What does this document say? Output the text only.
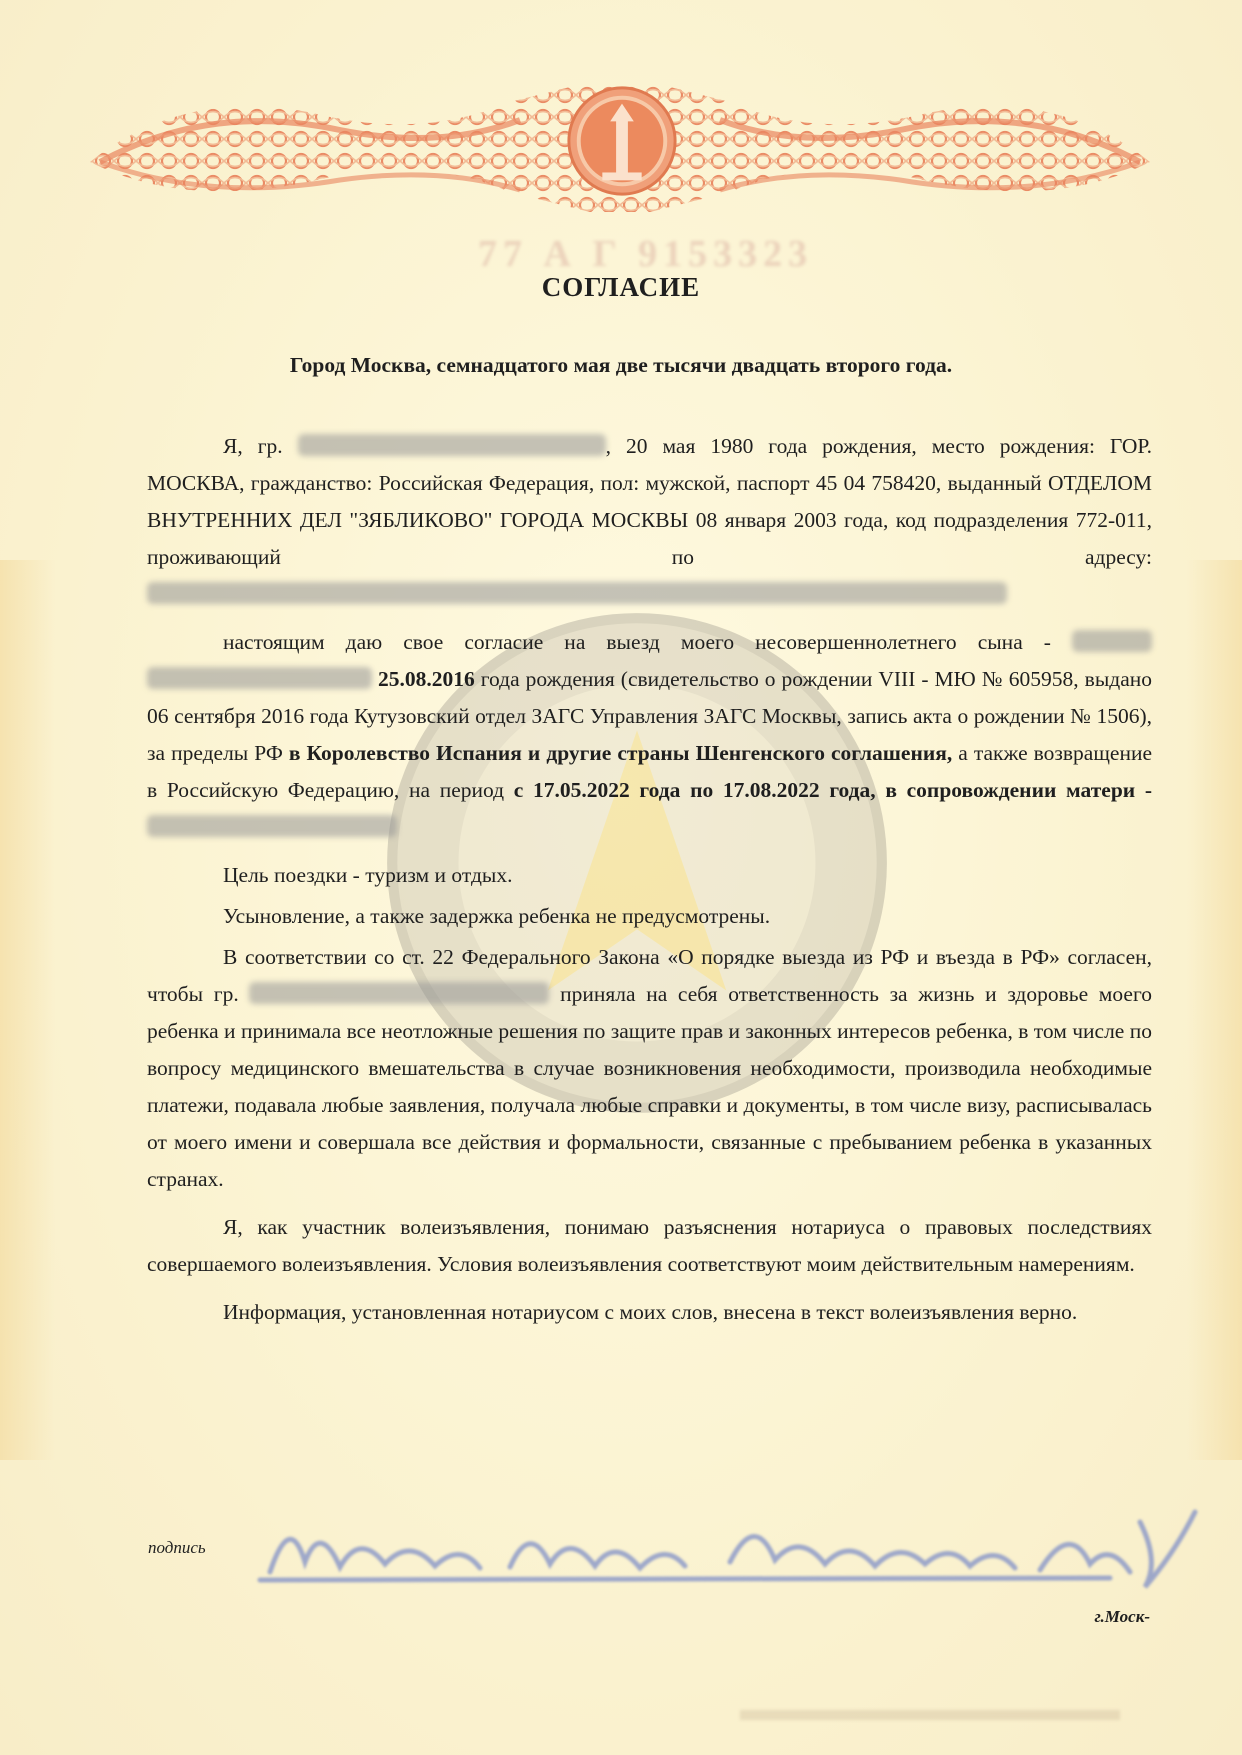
77 А Г 9153323
СОГЛАСИЕ
Город Москва, семнадцатого мая две тысячи двадцать второго года.

Я, гр.	, 20 мая 1980 года рождения, место рождения: ГОР. МОСКВА, гражданство: Российская Федерация, пол: мужской, паспорт 45 04 758420, выданный ОТДЕЛОМ ВНУТРЕННИХ ДЕЛ "ЗЯБЛИКОВО" ГОРОДА МОСКВЫ 08 января 2003 года, код подразделения 772-011, проживающий по адресу:

настоящим даю свое согласие на выезд моего несовершеннолетнего сына -   25.08.2016 года рождения (свидетельство о рождении VIII - МЮ № 605958, выдано 06 сентября 2016 года Кутузовский отдел ЗАГС Управления ЗАГС Москвы, запись акта о рождении № 1506), за пределы РФ в Королевство Испания и другие страны Шенгенского соглашения, а также возвращение в Российскую Федерацию, на период с 17.05.2022 года по 17.08.2022 года, в сопровождении матери -

Цель поездки - туризм и отдых.

Усыновление, а также задержка ребенка не предусмотрены.

В соответствии со ст. 22 Федерального Закона «О порядке выезда из РФ и въезда в РФ» согласен, чтобы гр.	приняла на себя ответственность за жизнь и здоровье моего ребенка и принимала все неотложные решения по защите прав и законных интересов ребенка, в том числе по вопросу медицинского вмешательства в случае возникновения необходимости, производила необходимые платежи, подавала любые заявления, получала любые справки и документы, в том числе визу, расписывалась от моего имени и совершала все действия и формальности, связанные с пребыванием ребенка в указанных странах.

Я, как участник волеизъявления, понимаю разъяснения нотариуса о правовых последствиях совершаемого волеизъявления. Условия волеизъявления соответствуют моим действительным намерениям.

Информация, установленная нотариусом с моих слов, внесена в текст волеизъявления верно.

подпись
г.Моск-
